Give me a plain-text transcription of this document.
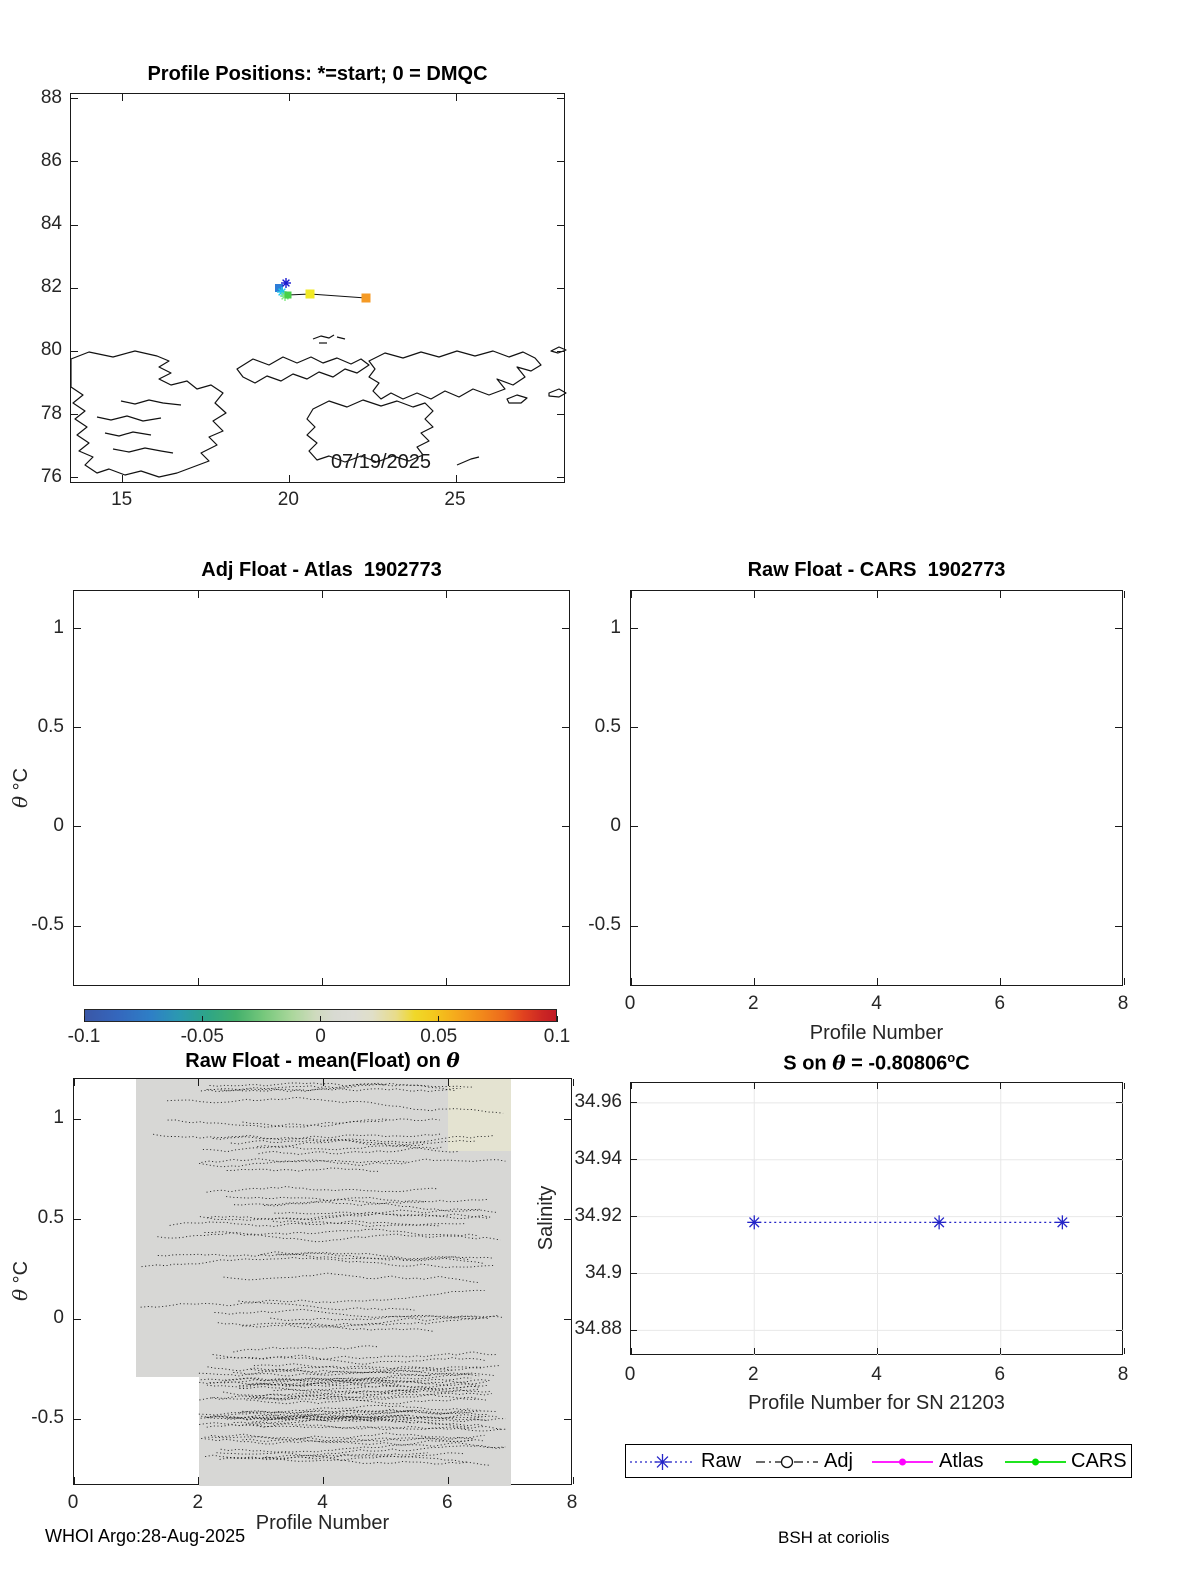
Profile Positions: *=start; 0 = DMQC
Adj Float - Atlas  1902773	Raw Float - CARS  1902773
Raw Float - mean(Float) on θ	S on $\theta = -0.80806^oC$
07/19/2025
θ °C
θ °C
Salinity
Profile Number
Profile Number
Profile Number for SN 21203
Raw	Adj	Atlas	CARS
WHOI Argo:28-Aug-2025	BSH at coriolis
15	20	25
88
86
84
82
80
78
76
1
0.5
0
-0.5
-0.1	-0.05	0	0.05	0.1
0	2	4	6	8
1
0.5
0
-0.5
0	2	4	6	8
1
0.5
0
-0.5
0	2	4	6	8
34.96
34.94
34.92
34.9
34.88
